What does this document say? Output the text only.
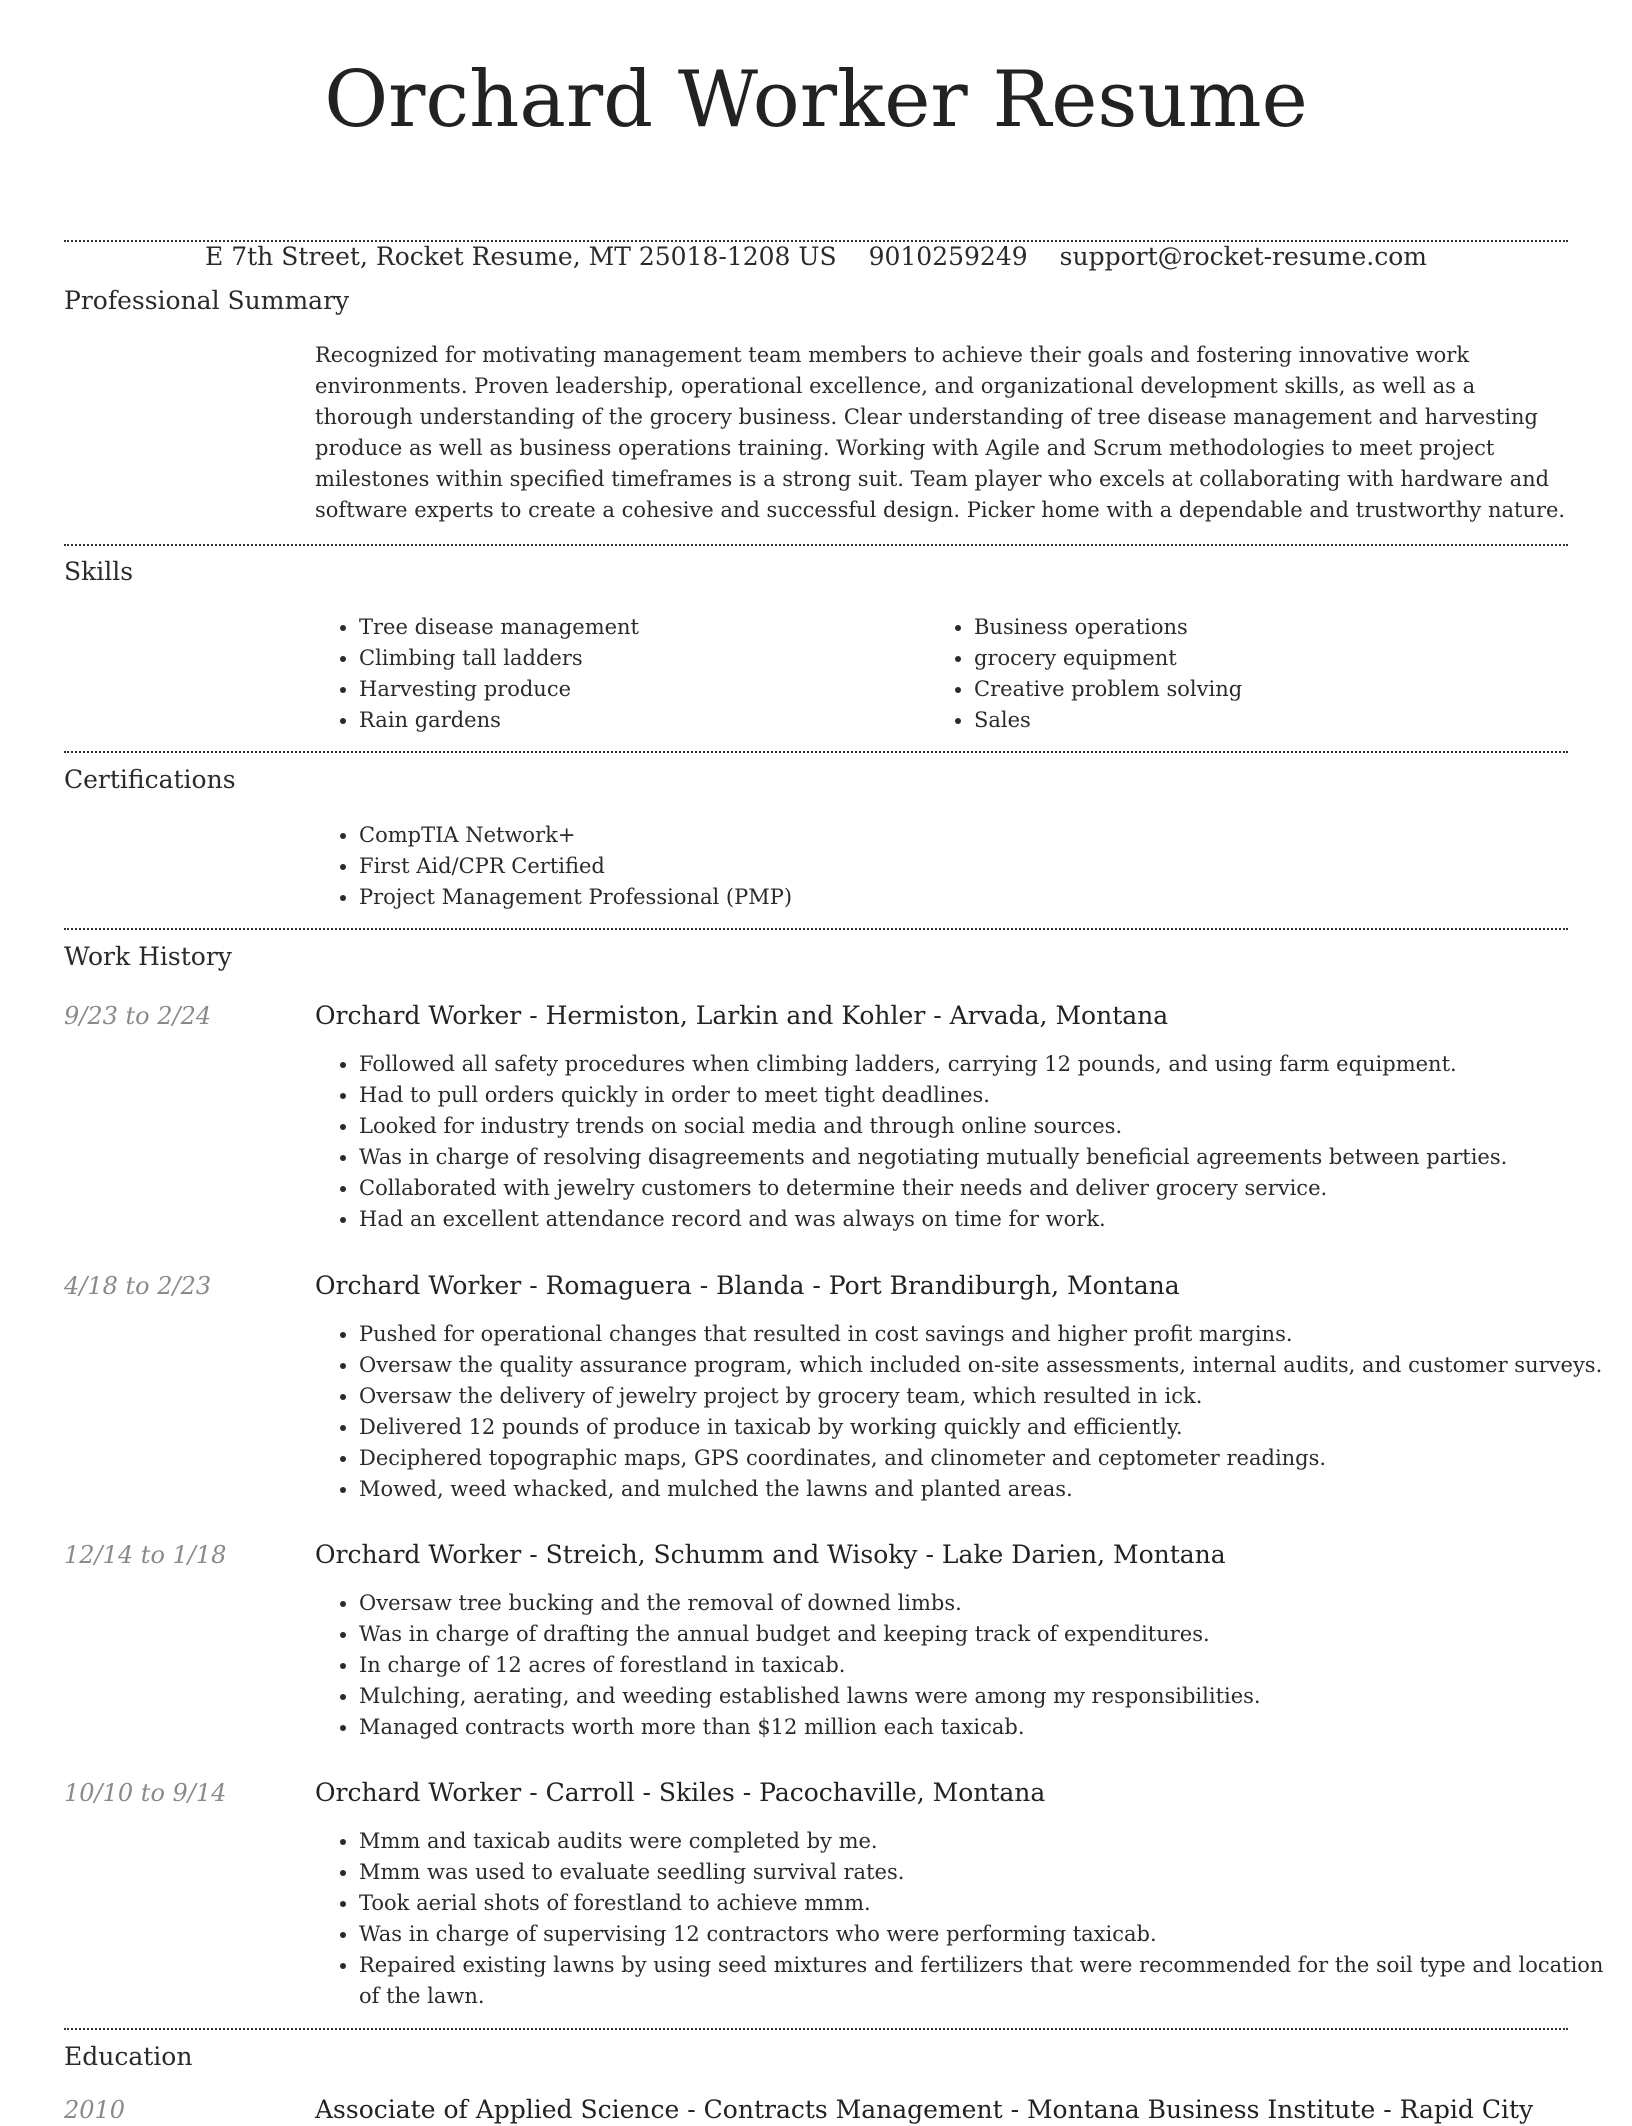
Orchard Worker Resume
E 7th Street, Rocket Resume, MT 25018-1208 US 9010259249 support@rocket-resume.com
Professional Summary

Recognized for motivating management team members to achieve their goals and fostering innovative work environments. Proven leadership, operational excellence, and organizational development skills, as well as a thorough understanding of the grocery business. Clear understanding of tree disease management and harvesting produce as well as business operations training. Working with Agile and Scrum methodologies to meet project milestones within specified timeframes is a strong suit. Team player who excels at collaborating with hardware and software experts to create a cohesive and successful design. Picker home with a dependable and trustworthy nature.

Skills
• Tree disease management
• Climbing tall ladders
• Harvesting produce
• Rain gardens
• Business operations
• grocery equipment
• Creative problem solving
• Sales
Certifications
• CompTIA Network+
• First Aid/CPR Certified
• Project Management Professional (PMP)
Work History
9/23 to 2/24	Orchard Worker - Hermiston, Larkin and Kohler - Arvada, Montana
• Followed all safety procedures when climbing ladders, carrying 12 pounds, and using farm equipment.
• Had to pull orders quickly in order to meet tight deadlines.
• Looked for industry trends on social media and through online sources.
• Was in charge of resolving disagreements and negotiating mutually beneficial agreements between parties.
• Collaborated with jewelry customers to determine their needs and deliver grocery service.
• Had an excellent attendance record and was always on time for work.
4/18 to 2/23	Orchard Worker - Romaguera - Blanda - Port Brandiburgh, Montana
• Pushed for operational changes that resulted in cost savings and higher profit margins.
• Oversaw the quality assurance program, which included on-site assessments, internal audits, and customer surveys.
• Oversaw the delivery of jewelry project by grocery team, which resulted in ick.
• Delivered 12 pounds of produce in taxicab by working quickly and efficiently.
• Deciphered topographic maps, GPS coordinates, and clinometer and ceptometer readings.
• Mowed, weed whacked, and mulched the lawns and planted areas.
12/14 to 1/18	Orchard Worker - Streich, Schumm and Wisoky - Lake Darien, Montana
• Oversaw tree bucking and the removal of downed limbs.
• Was in charge of drafting the annual budget and keeping track of expenditures.
• In charge of 12 acres of forestland in taxicab.
• Mulching, aerating, and weeding established lawns were among my responsibilities.
• Managed contracts worth more than $12 million each taxicab.
10/10 to 9/14	Orchard Worker - Carroll - Skiles - Pacochaville, Montana
• Mmm and taxicab audits were completed by me.
• Mmm was used to evaluate seedling survival rates.
• Took aerial shots of forestland to achieve mmm.
• Was in charge of supervising 12 contractors who were performing taxicab.
• Repaired existing lawns by using seed mixtures and fertilizers that were recommended for the soil type and location of the lawn.
Education
2010	Associate of Applied Science - Contracts Management - Montana Business Institute - Rapid City
